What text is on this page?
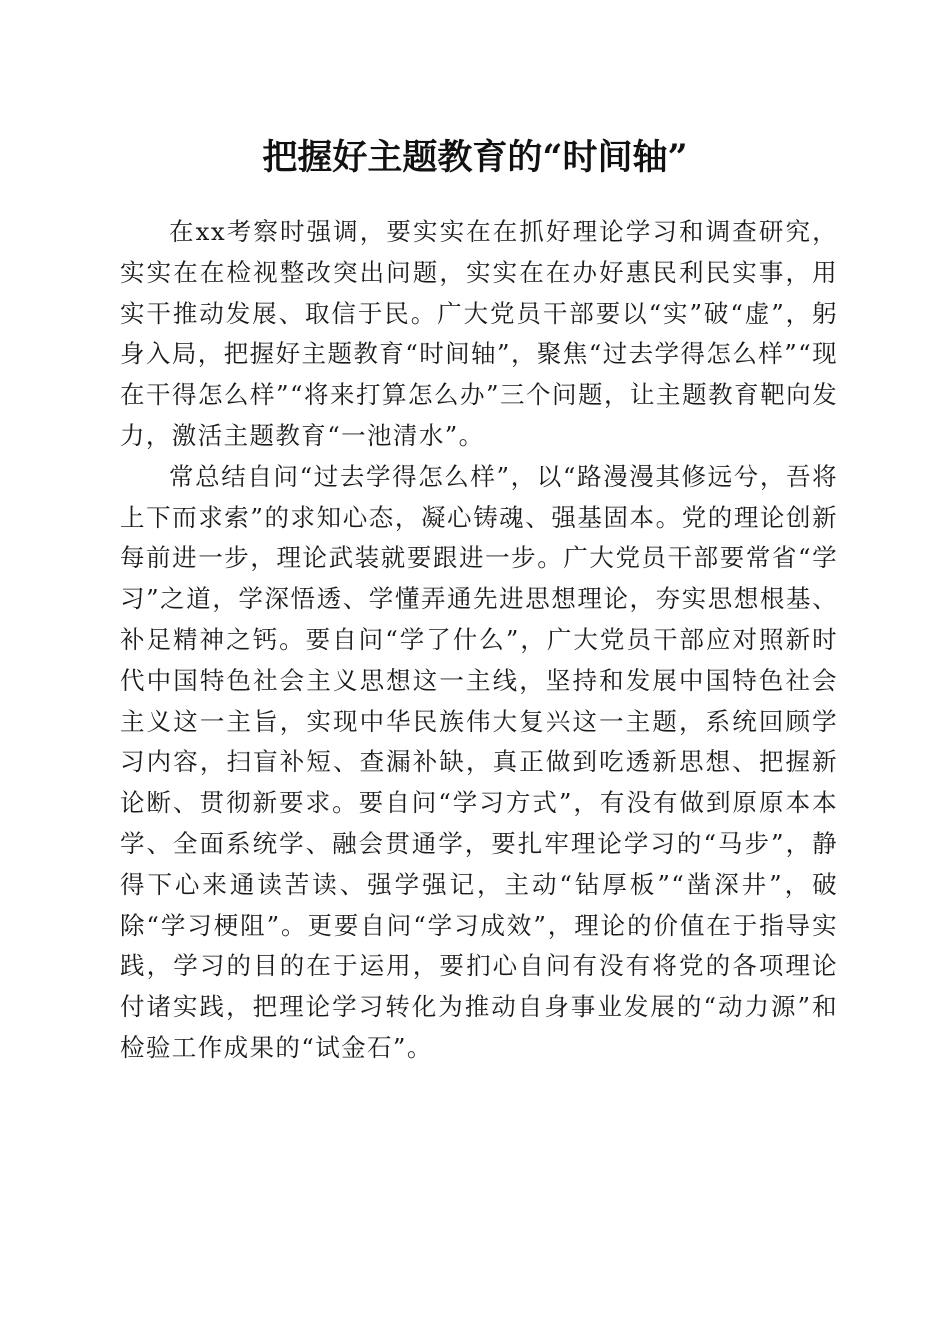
把握好主题教育的“时间轴”

在xx考察时强调，要实实在在抓好理论学习和调查研究，实实在在检视整改突出问题，实实在在办好惠民利民实事，用实干推动发展、取信于民。广大党员干部要以“实”破“虚”，躬身入局，把握好主题教育“时间轴”，聚焦“过去学得怎么样”“现在干得怎么样”“将来打算怎么办”三个问题，让主题教育靶向发力，激活主题教育“一池清水”。

常总结自问“过去学得怎么样”，以“路漫漫其修远兮，吾将上下而求索”的求知心态，凝心铸魂、强基固本。党的理论创新每前进一步，理论武装就要跟进一步。广大党员干部要常省“学习”之道，学深悟透、学懂弄通先进思想理论，夯实思想根基、补足精神之钙。要自问“学了什么”，广大党员干部应对照新时代中国特色社会主义思想这一主线，坚持和发展中国特色社会主义这一主旨，实现中华民族伟大复兴这一主题，系统回顾学习内容，扫盲补短、查漏补缺，真正做到吃透新思想、把握新论断、贯彻新要求。要自问“学习方式”，有没有做到原原本本学、全面系统学、融会贯通学，要扎牢理论学习的“马步”，静得下心来通读苦读、强学强记，主动“钻厚板”“凿深井”，破除“学习梗阻”。更要自问“学习成效”，理论的价值在于指导实践，学习的目的在于运用，要扪心自问有没有将党的各项理论付诸实践，把理论学习转化为推动自身事业发展的“动力源”和检验工作成果的“试金石”。
